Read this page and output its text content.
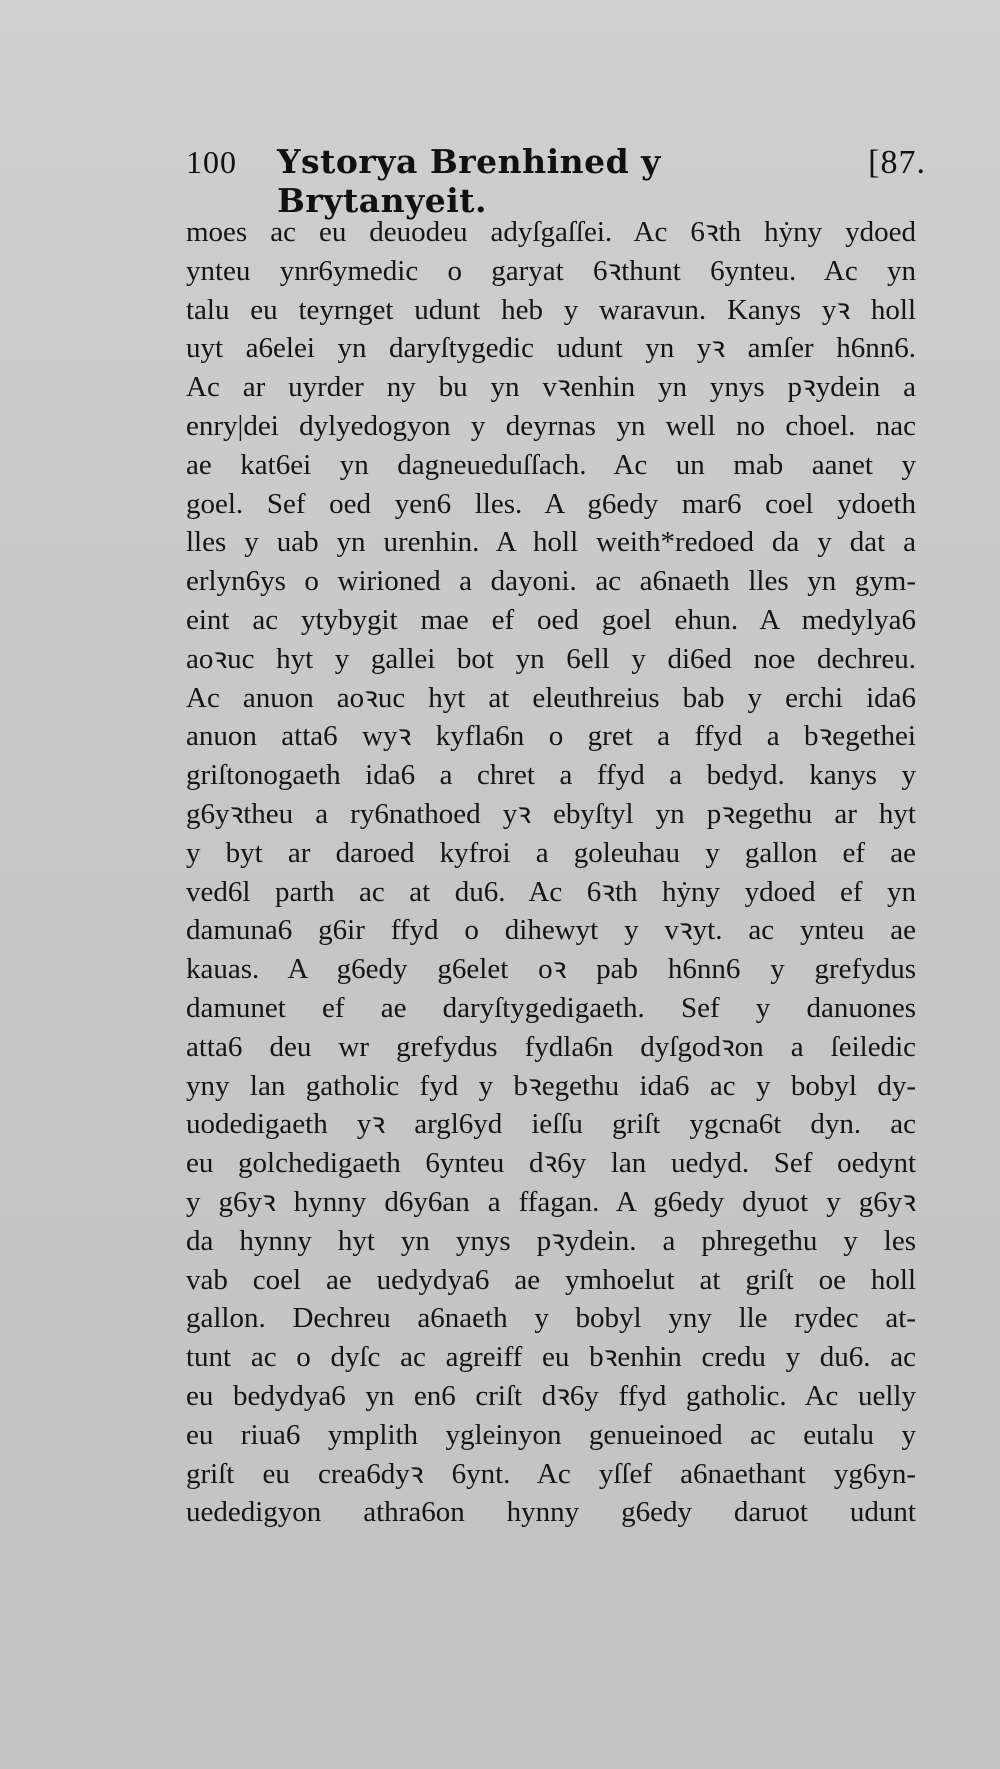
100 Ystorya Brenhined y Brytanyeit.
[87.
moes ac eu deuodeu adyſgaſſei. Ac 6ꝛth hẏny ydoed
ynteu ynr6ymedic o garyat 6ꝛthunt 6ynteu. Ac yn
talu eu teyrnget udunt heb y waravun. Kanys yꝛ holl
uyt a6elei yn daryſtygedic udunt yn yꝛ amſer h6nn6.
Ac ar uyrder ny bu yn vꝛenhin yn ynys pꝛydein a
enry|dei dylyedogyon y deyrnas yn well no choel. nac
ae kat6ei yn dagneueduſſach. Ac un mab aanet y
goel. Sef oed yen6 lles. A g6edy mar6 coel ydoeth
lles y uab yn urenhin. A holl weith*redoed da y dat a
erlyn6ys o wirioned a dayoni. ac a6naeth lles yn gym-
eint ac ytybygit mae ef oed goel ehun. A medylya6
aoꝛuc hyt y gallei bot yn 6ell y di6ed noe dechreu.
Ac anuon aoꝛuc hyt at eleuthreius bab y erchi ida6
anuon atta6 wyꝛ kyfla6n o gret a ffyd a bꝛegethei
griſtonogaeth ida6 a chret a ffyd a bedyd. kanys y
g6yꝛtheu a ry6nathoed yꝛ ebyſtyl yn pꝛegethu ar hyt
y byt ar daroed kyfroi a goleuhau y gallon ef ae
ved6l parth ac at du6. Ac 6ꝛth hẏny ydoed ef yn
damuna6 g6ir ffyd o dihewyt y vꝛyt. ac ynteu ae
kauas. A g6edy g6elet oꝛ pab h6nn6 y grefydus
damunet ef ae daryſtygedigaeth. Sef y danuones
atta6 deu wr grefydus fydla6n dyſgodꝛon a ſeiledic
yny lan gatholic fyd y bꝛegethu ida6 ac y bobyl dy-
uodedigaeth yꝛ argl6yd ieſſu griſt ygcna6t dyn. ac
eu golchedigaeth 6ynteu dꝛ6y lan uedyd. Sef oedynt
y g6yꝛ hynny d6y6an a ffagan. A g6edy dyuot y g6yꝛ
da hynny hyt yn ynys pꝛydein. a phregethu y les
vab coel ae uedydya6 ae ymhoelut at griſt oe holl
gallon. Dechreu a6naeth y bobyl yny lle rydec at-
tunt ac o dyſc ac agreiff eu bꝛenhin credu y du6. ac
eu bedydya6 yn en6 criſt dꝛ6y ffyd gatholic. Ac uelly
eu riua6 ymplith ygleinyon genueinoed ac eutalu y
griſt eu crea6dyꝛ 6ynt. Ac yſſef a6naethant yg6yn-
uededigyon athra6on hynny g6edy daruot udunt
